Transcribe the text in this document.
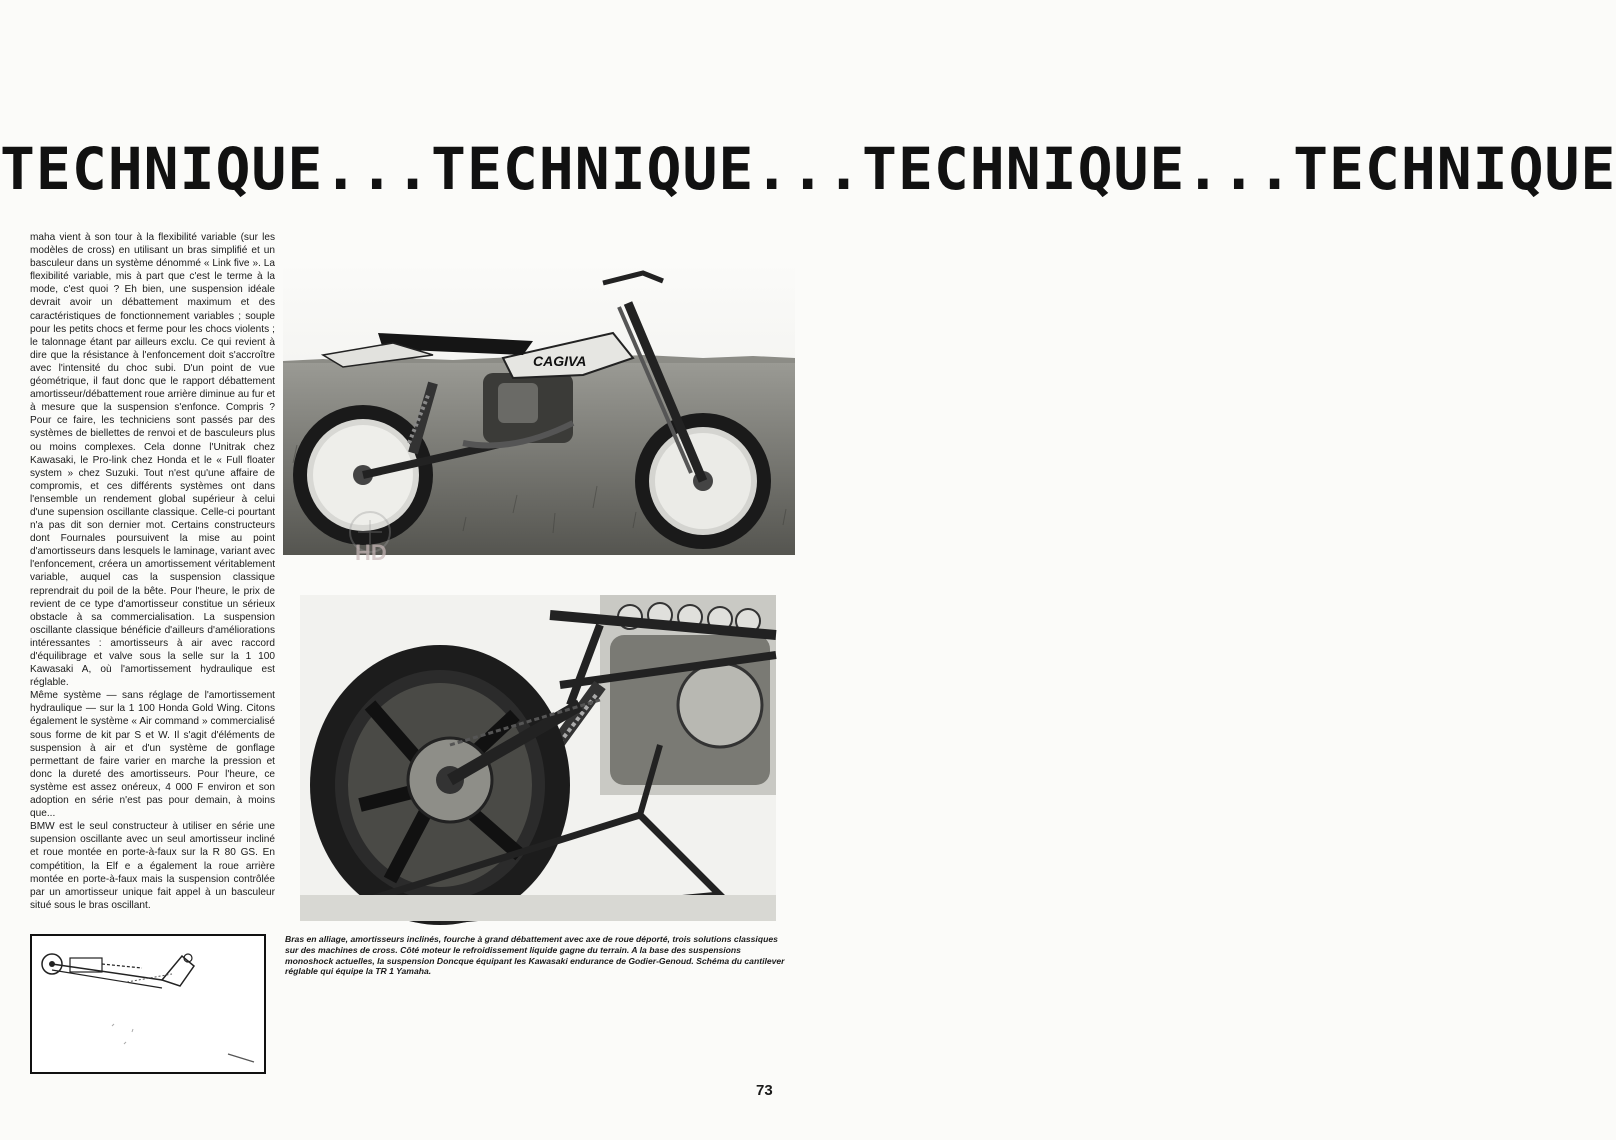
TECHNIQUE...TECHNIQUE...TECHNIQUE...TECHNIQUE

maha vient à son tour à la flexibilité variable (sur les modèles de cross) en utilisant un bras simplifié et un basculeur dans un système dénommé « Link five ». La flexibilité variable, mis à part que c'est le terme à la mode, c'est quoi ? Eh bien, une suspension idéale devrait avoir un débattement maximum et des caractéristiques de fonctionnement variables ; souple pour les petits chocs et ferme pour les chocs violents ; le talonnage étant par ailleurs exclu. Ce qui revient à dire que la résistance à l'enfoncement doit s'accroître avec l'intensité du choc subi. D'un point de vue géométrique, il faut donc que le rapport débattement amortisseur/débattement roue arrière diminue au fur et à mesure que la suspension s'enfonce. Compris ? Pour ce faire, les techniciens sont passés par des systèmes de biellettes de renvoi et de basculeurs plus ou moins complexes. Cela donne l'Unitrak chez Kawasaki, le Pro-link chez Honda et le « Full floater system » chez Suzuki. Tout n'est qu'une affaire de compromis, et ces différents systèmes ont dans l'ensemble un rendement global supérieur à celui d'une supension oscillante classique. Celle-ci pourtant n'a pas dit son dernier mot. Certains constructeurs dont Fournales poursuivent la mise au point d'amortisseurs dans lesquels le laminage, variant avec l'enfoncement, créera un amortissement véritablement variable, auquel cas la suspension classique reprendrait du poil de la bête. Pour l'heure, le prix de revient de ce type d'amortisseur constitue un sérieux obstacle à sa commercialisation. La suspension oscillante classique bénéficie d'ailleurs d'améliorations intéressantes : amortisseurs à air avec raccord d'équilibrage et valve sous la selle sur la 1 100 Kawasaki A, où l'amortissement hydraulique est réglable.

Même système — sans réglage de l'amortissement hydraulique — sur la 1 100 Honda Gold Wing. Citons également le système « Air command » commercialisé sous forme de kit par S et W. Il s'agit d'éléments de suspension à air et d'un système de gonflage permettant de faire varier en marche la pression et donc la dureté des amortisseurs. Pour l'heure, ce système est assez onéreux, 4 000 F environ et son adoption en série n'est pas pour demain, à moins que...

BMW est le seul constructeur à utiliser en série une supension oscillante avec un seul amortisseur incliné et roue montée en porte-à-faux sur la R 80 GS. En compétition, la Elf e a également la roue arrière montée en porte-à-faux mais la suspension contrôlée par un amortisseur unique fait appel à un basculeur situé sous le bras oscillant.

CAGIVA
HD
Bras en alliage, amortisseurs inclinés, fourche à grand débattement avec axe de roue déporté, trois solutions classiques sur des machines de cross. Côté moteur le refroidissement liquide gagne du terrain. A la base des suspensions monoshock actuelles, la suspension Doncque équipant les Kawasaki endurance de Godier-Genoud. Schéma du cantilever réglable qui équipe la TR 1 Yamaha.
73
